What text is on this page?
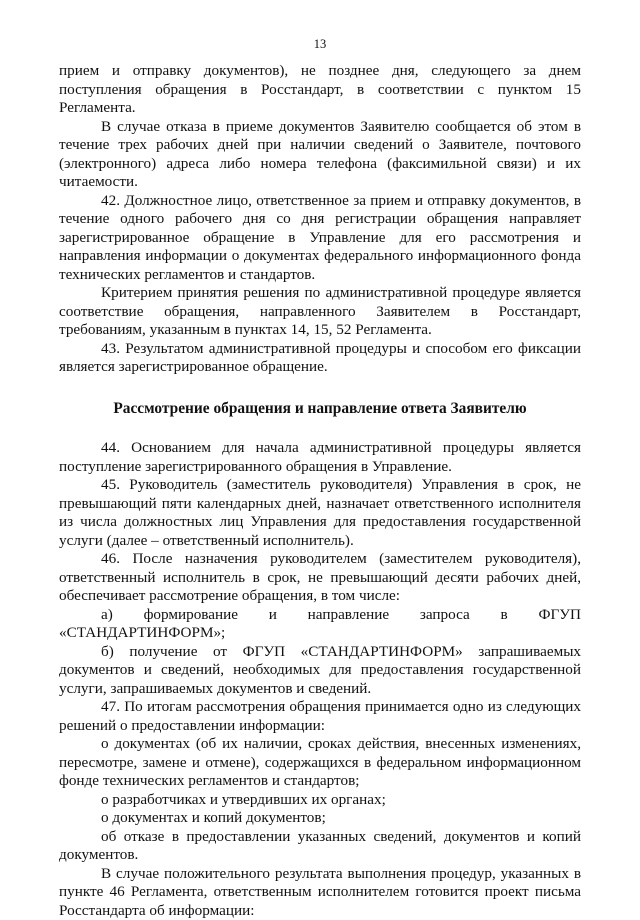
13

прием и отправку документов), не позднее дня, следующего за днем поступления обращения в Росстандарт, в соответствии с пунктом 15 Регламента.

В случае отказа в приеме документов Заявителю сообщается об этом в течение трех рабочих дней при наличии сведений о Заявителе, почтового (электронного) адреса либо номера телефона (факсимильной связи) и их читаемости.

42. Должностное лицо, ответственное за прием и отправку документов, в течение одного рабочего дня со дня регистрации обращения направляет зарегистрированное обращение в Управление для его рассмотрения и направления информации о документах федерального информационного фонда технических регламентов и стандартов.

Критерием принятия решения по административной процедуре является соответствие обращения, направленного Заявителем в Росстандарт, требованиям, указанным в пунктах 14, 15, 52 Регламента.

43. Результатом административной процедуры и способом его фиксации является зарегистрированное обращение.

Рассмотрение обращения и направление ответа Заявителю

44. Основанием для начала административной процедуры является поступление зарегистрированного обращения в Управление.

45. Руководитель (заместитель руководителя) Управления в срок, не превышающий пяти календарных дней, назначает ответственного исполнителя из числа должностных лиц Управления для предоставления государственной услуги (далее – ответственный исполнитель).

46. После назначения руководителем (заместителем руководителя), ответственный исполнитель в срок, не превышающий десяти рабочих дней, обеспечивает рассмотрение обращения, в том числе:

а) формирование и направление запроса в ФГУП «СТАНДАРТИНФОРМ»;

б) получение от ФГУП «СТАНДАРТИНФОРМ» запрашиваемых документов и сведений, необходимых для предоставления государственной услуги, запрашиваемых документов и сведений.

47. По итогам рассмотрения обращения принимается одно из следующих решений о предоставлении информации:

о документах (об их наличии, сроках действия, внесенных изменениях, пересмотре, замене и отмене), содержащихся в федеральном информационном фонде технических регламентов и стандартов;

о разработчиках и утвердивших их органах;

о документах и копий документов;

об отказе в предоставлении указанных сведений, документов и копий документов.

В случае положительного результата выполнения процедур, указанных в пункте 46 Регламента, ответственным исполнителем готовится проект письма Росстандарта об информации:
